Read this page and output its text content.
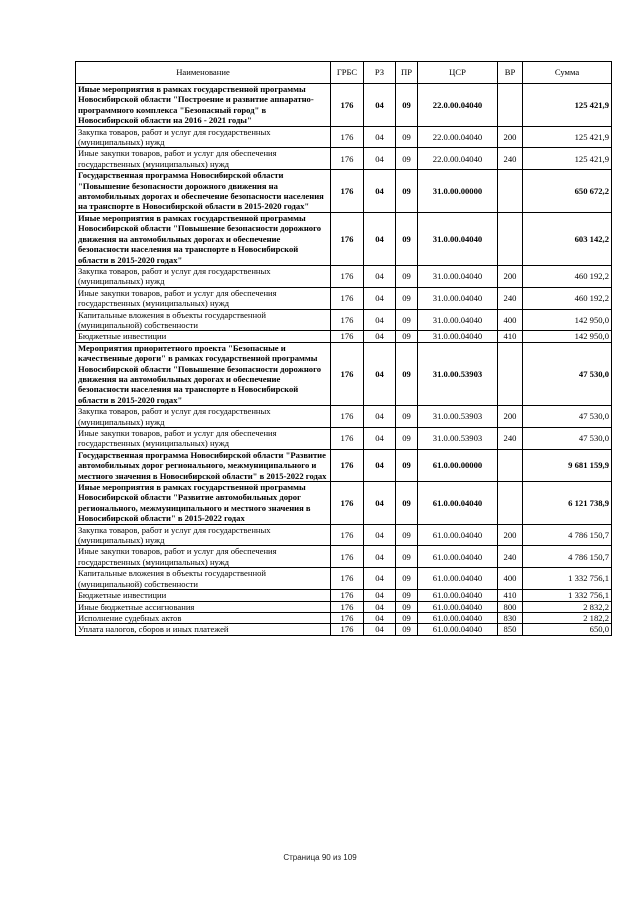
Наименование	ГРБС	РЗ	ПР	ЦСР	ВР	Сумма
Иные мероприятия в рамках государственной программы Новосибирской области "Построение и развитие аппаратно-программного комплекса "Безопасный город" в Новосибирской области на 2016 - 2021 годы"	176	04	09	22.0.00.04040		125 421,9
Закупка товаров, работ и услуг для государственных (муниципальных) нужд	176	04	09	22.0.00.04040	200	125 421,9
Иные закупки товаров, работ и услуг для обеспечения государственных (муниципальных) нужд	176	04	09	22.0.00.04040	240	125 421,9
Государственная программа Новосибирской области "Повышение безопасности дорожного движения на автомобильных дорогах и обеспечение безопасности населения на транспорте в Новосибирской области в 2015-2020 годах"	176	04	09	31.0.00.00000		650 672,2
Иные мероприятия в рамках государственной программы Новосибирской области "Повышение безопасности дорожного движения на автомобильных дорогах и обеспечение безопасности населения на транспорте в Новосибирской области в 2015-2020 годах"	176	04	09	31.0.00.04040		603 142,2
Закупка товаров, работ и услуг для государственных (муниципальных) нужд	176	04	09	31.0.00.04040	200	460 192,2
Иные закупки товаров, работ и услуг для обеспечения государственных (муниципальных) нужд	176	04	09	31.0.00.04040	240	460 192,2
Капитальные вложения в объекты государственной (муниципальной) собственности	176	04	09	31.0.00.04040	400	142 950,0
Бюджетные инвестиции	176	04	09	31.0.00.04040	410	142 950,0
Мероприятия приоритетного проекта "Безопасные и качественные дороги" в рамках государственной программы Новосибирской области "Повышение безопасности дорожного движения на автомобильных дорогах и обеспечение безопасности населения на транспорте в Новосибирской области в 2015-2020 годах"	176	04	09	31.0.00.53903		47 530,0
Закупка товаров, работ и услуг для государственных (муниципальных) нужд	176	04	09	31.0.00.53903	200	47 530,0
Иные закупки товаров, работ и услуг для обеспечения государственных (муниципальных) нужд	176	04	09	31.0.00.53903	240	47 530,0
Государственная программа Новосибирской области "Развитие автомобильных дорог регионального, межмуниципального и местного значения в Новосибирской области" в 2015-2022 годах	176	04	09	61.0.00.00000		9 681 159,9
Иные мероприятия в рамках государственной программы Новосибирской области "Развитие автомобильных дорог регионального, межмуниципального и местного значения в Новосибирской области" в 2015-2022 годах	176	04	09	61.0.00.04040		6 121 738,9
Закупка товаров, работ и услуг для государственных (муниципальных) нужд	176	04	09	61.0.00.04040	200	4 786 150,7
Иные закупки товаров, работ и услуг для обеспечения государственных (муниципальных) нужд	176	04	09	61.0.00.04040	240	4 786 150,7
Капитальные вложения в объекты государственной (муниципальной) собственности	176	04	09	61.0.00.04040	400	1 332 756,1
Бюджетные инвестиции	176	04	09	61.0.00.04040	410	1 332 756,1
Иные бюджетные ассигнования	176	04	09	61.0.00.04040	800	2 832,2
Исполнение судебных актов	176	04	09	61.0.00.04040	830	2 182,2
Уплата налогов, сборов и иных платежей	176	04	09	61.0.00.04040	850	650,0
Страница 90 из 109
